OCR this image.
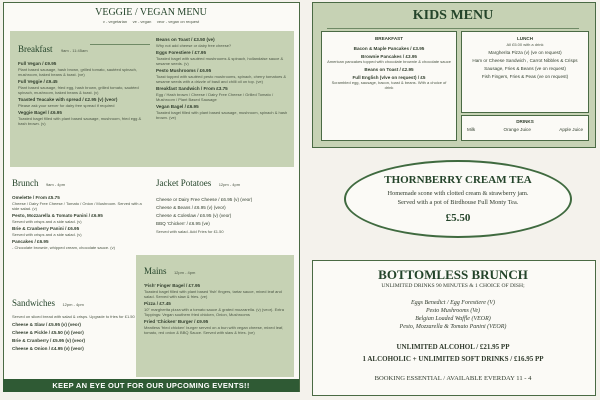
VEGGIE / VEGAN MENU
v - vegetarian     ve - vegan     veor - vegan on request
Breakfast 9am - 11:45am
Full Vegan / £9.95
Plant based sausage, hash brown, grilled tomato, sautéed spinach, mushroom, baked beans & toast. (ve)
Full Veggie / £9.45
Plant based sausage, fried egg, hash brown, grilled tomato, sautéed spinach, mushroom, baked beans & toast. (v)
Toasted Teacake with spread / £2.95 (v) (veor)
Please ask your server for dairy free spread if required
Veggie Bagel / £6.95
Toasted bagel filled with plant based sausage, mushroom, fried egg & hash brown. (v)
Beans on Toast / £3.50 (ve)
Why not add cheese or dairy free cheese?
Eggs Forestiere / £7.95
Toasted bagel with sautéed mushrooms & spinach, hollandaise sauce & sesame seeds. (v)
Pesto Mushrooms / £6.95
Toast topped with sautéed pesto mushrooms, spinach, cherry tomatoes & sesame seeds with a drizzle of basil and chilli oil on top. (ve)
Breakfast Sandwich / From £3.75
Egg / Hash brown / Cheese / Dairy Free Cheese / Grilled Tomato / Mushroom / Plant Based Sausage
Vegan Bagel / £6.95
Toasted bagel filled with plant based sausage, mushroom, spinach & hash brown. (ve)
Brunch 9am - 4pm
Omelette / From £5.75
Cheese / Dairy Free Cheese / Tomato / Onion / Mushroom. Served with a side salad. (v)
Pesto, Mozzarella & Tomato Panini / £6.95
Served with crisps and a side salad. (v)
Brie & Cranberry Panini / £6.95
Served with crisps and a side salad. (v)
Pancakes / £6.95
- Chocolate brownie, whipped cream, chocolate sauce. (v)
Jacket Potatoes 12pm - 4pm
Cheese or Dairy Free Cheese / £6.95 (v) (veor)
Cheese & Beans / £6.95 (v) (veor)
Cheese & Coleslaw / £6.95 (v) (veor)
BBQ 'Chicken' / £6.95 (ve)
Served with salad. Add Fries for £1.50
Sandwiches 12pm - 4pm
Served on sliced bread with salad & crisps. Upgrade to fries for £1.50
Cheese & Slaw / £5.95 (v) (veor)
Cheese & Pickle / £5.50 (v) (veor)
Brie & Cranberry / £5.95 (v) (veor)
Cheese & Onion / £4.95 (v) (veor)
Mains 12pm - 4pm
'Fish' Finger Bagel / £7.95
Toasted bagel filled with plant based 'fish' fingers, tartar sauce, mixed leaf and salad. Served with slaw & fries. (ve)
Pizza / £7.45
10" margherita pizza with a tomato sauce & grated mozzarella. (v) (veor). Extra Toppings: Vegan southern fried chicken, Onion, Mushrooms
Fried 'Chicken' Burger / £9.95
Meatless 'fried chicken' burger served on a bun with vegan cheese, mixed leaf, tomato, red onion & BBQ Sauce. Served with slaw & fries. (ve)
KEEP AN EYE OUT FOR OUR UPCOMING EVENTS!!
KIDS MENU
BREAKFAST
Bacon & Maple Pancakes / £3.95
Brownie Pancakes / £3.95
American pancakes topped with chocolate brownie & chocolate sauce
Beans on Toast / £2.95
Full English (v/ve on request) / £5
Scrambled egg, sausage, bacon, toast & beans. With a choice of drink
LUNCH
All £5.00 with a drink
Margherita Pizza (v) (ve on request)
Ham or Cheese Sandwich , Carrot Nibbles & Crisps
Sausage, Fries & Beans (ve on request)
Fish Fingers, Fries & Peas (ve on request)
DRINKS
Milk	Orange Juice	Apple Juice
THORNBERRY CREAM TEA
Homemade scone with clotted cream & strawberry jam.
Served with a pot of Birdhouse Full Monty Tea.
£5.50
BOTTOMLESS BRUNCH
UNLIMITED DRINKS 90 MINUTES & 1 CHOICE OF DISH;
Eggs Benedict / Egg Forestiere (V)
Pesto Mushrooms (Ve)
Belgian Loaded Waffle (VEOR)
Pesto, Mozzarella & Tomato Panini (VEOR)
UNLIMITED ALCOHOL / £21.95 PP
1 ALCOHOLIC + UNLIMITED SOFT DRINKS / £16.95 PP
BOOKING ESSENTIAL / AVAILABLE EVERDAY 11 - 4
